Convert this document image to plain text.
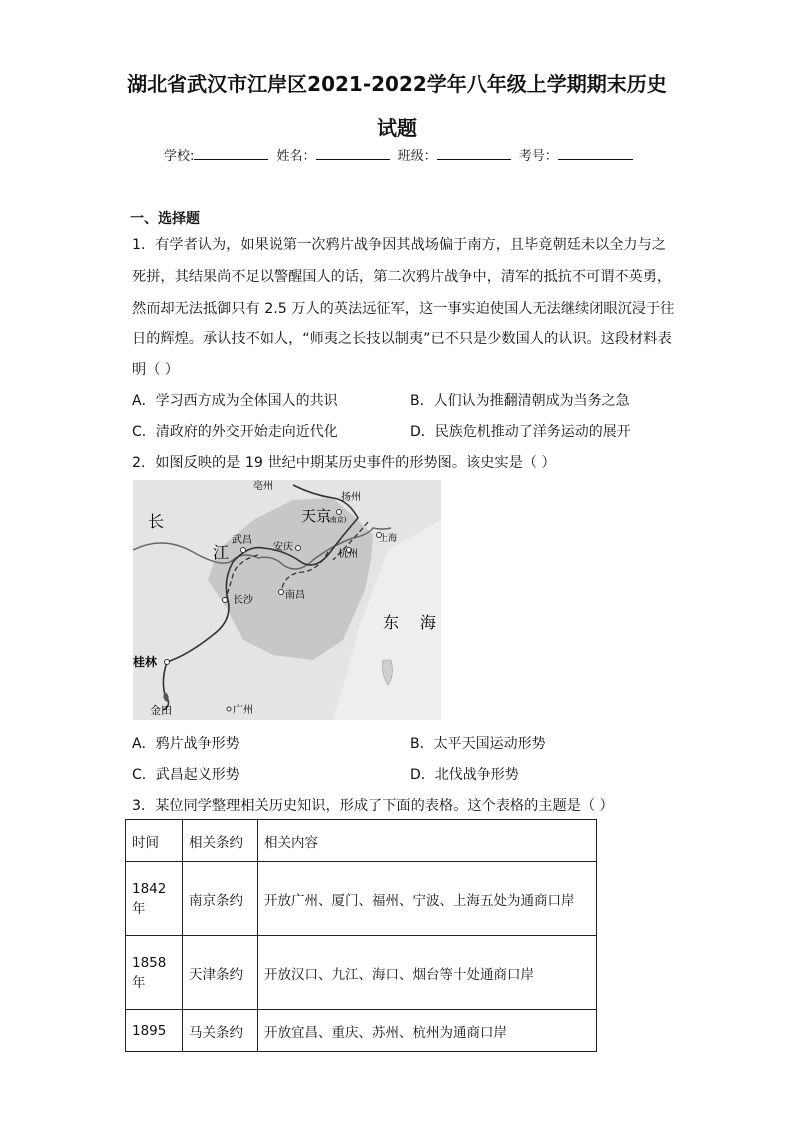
湖北省武汉市江岸区2021-2022学年八年级上学期期末历史
试题
学校:	姓名：	班级：	考号：
一、选择题
1．有学者认为，如果说第一次鸦片战争因其战场偏于南方，且毕竟朝廷未以全力与之
死拼，其结果尚不足以警醒国人的话，第二次鸦片战争中，清军的抵抗不可谓不英勇，
然而却无法抵御只有 2.5 万人的英法远征军，这一事实迫使国人无法继续闭眼沉浸于往
日的辉煌。承认技不如人，“师夷之长技以制夷”已不只是少数国人的认识。这段材料表
明（ ）
A．学习西方成为全体国人的共识	B．人们认为推翻清朝成为当务之急
C．清政府的外交开始走向近代化	D．民族危机推动了洋务运动的展开
2．如图反映的是 19 世纪中期某历史事件的形势图。该史实是（ ）
亳州
扬州
天京
(南京)
上海
武昌
安庆
杭州
长沙	南昌
桂林
金田	广州
长
江
东 海
A．鸦片战争形势	B．太平天国运动形势
C．武昌起义形势	D．北伐战争形势
3．某位同学整理相关历史知识，形成了下面的表格。这个表格的主题是（ ）
时间	相关条约	相关内容
1842
年	南京条约	开放广州、厦门、福州、宁波、上海五处为通商口岸
1858
年	天津条约	开放汉口、九江、海口、烟台等十处通商口岸
1895	马关条约	开放宜昌、重庆、苏州、杭州为通商口岸
